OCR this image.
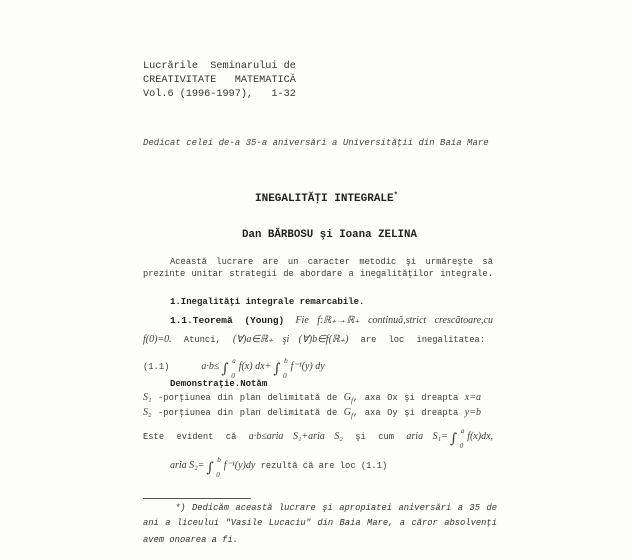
Lucrările  Seminarului de
CREATIVITATE   MATEMATICĂ
Vol.6 (1996-1997),   1-32
Dedicat celei de-a 35-a aniversări a Universităţii din Baia Mare
INEGALITĂŢI INTEGRALE*
Dan BĂRBOSU şi Ioana ZELINA
Această lucrare are un caracter metodic şi urmăreşte să
prezinte unitar strategii de abordare a inegalităţilor integrale.
1.Inegalităţi integrale remarcabile.
1.1.Teoremă (Young) Fie f:ℝ₊→ℝ₊ continuă,strict crescătoare,cu
f(0)=0. Atunci, (∀)a∈ℝ₊ şi (∀)b∈f(ℝ₊) are loc inegalitatea:
(1.1)	a·b≤ ∫ a
0
f(x) dx+ ∫ b
0
f⁻¹(y) dy
Demonstraţie.Notăm
S₁ -porţiunea din plan delimitată de $G_f$, axa Ox şi dreapta x=a
S₂ -porţiunea din plan delimitată de $G_f$, axa Oy şi dreapta y=b
Este evident că a·b≤aria S₁+aria S₂ şi cum aria S₁= ∫ a
0
f(x)dx,
aria S₂= ∫ b
0
f⁻¹(y)dy rezultă că are loc (1.1)
*) Dedicăm această lucrare şi apropiatei aniversări a 35 de
ani a liceului "Vasile Lucaciu" din Baia Mare, a căror absolvenţi
avem onoarea a fi.
